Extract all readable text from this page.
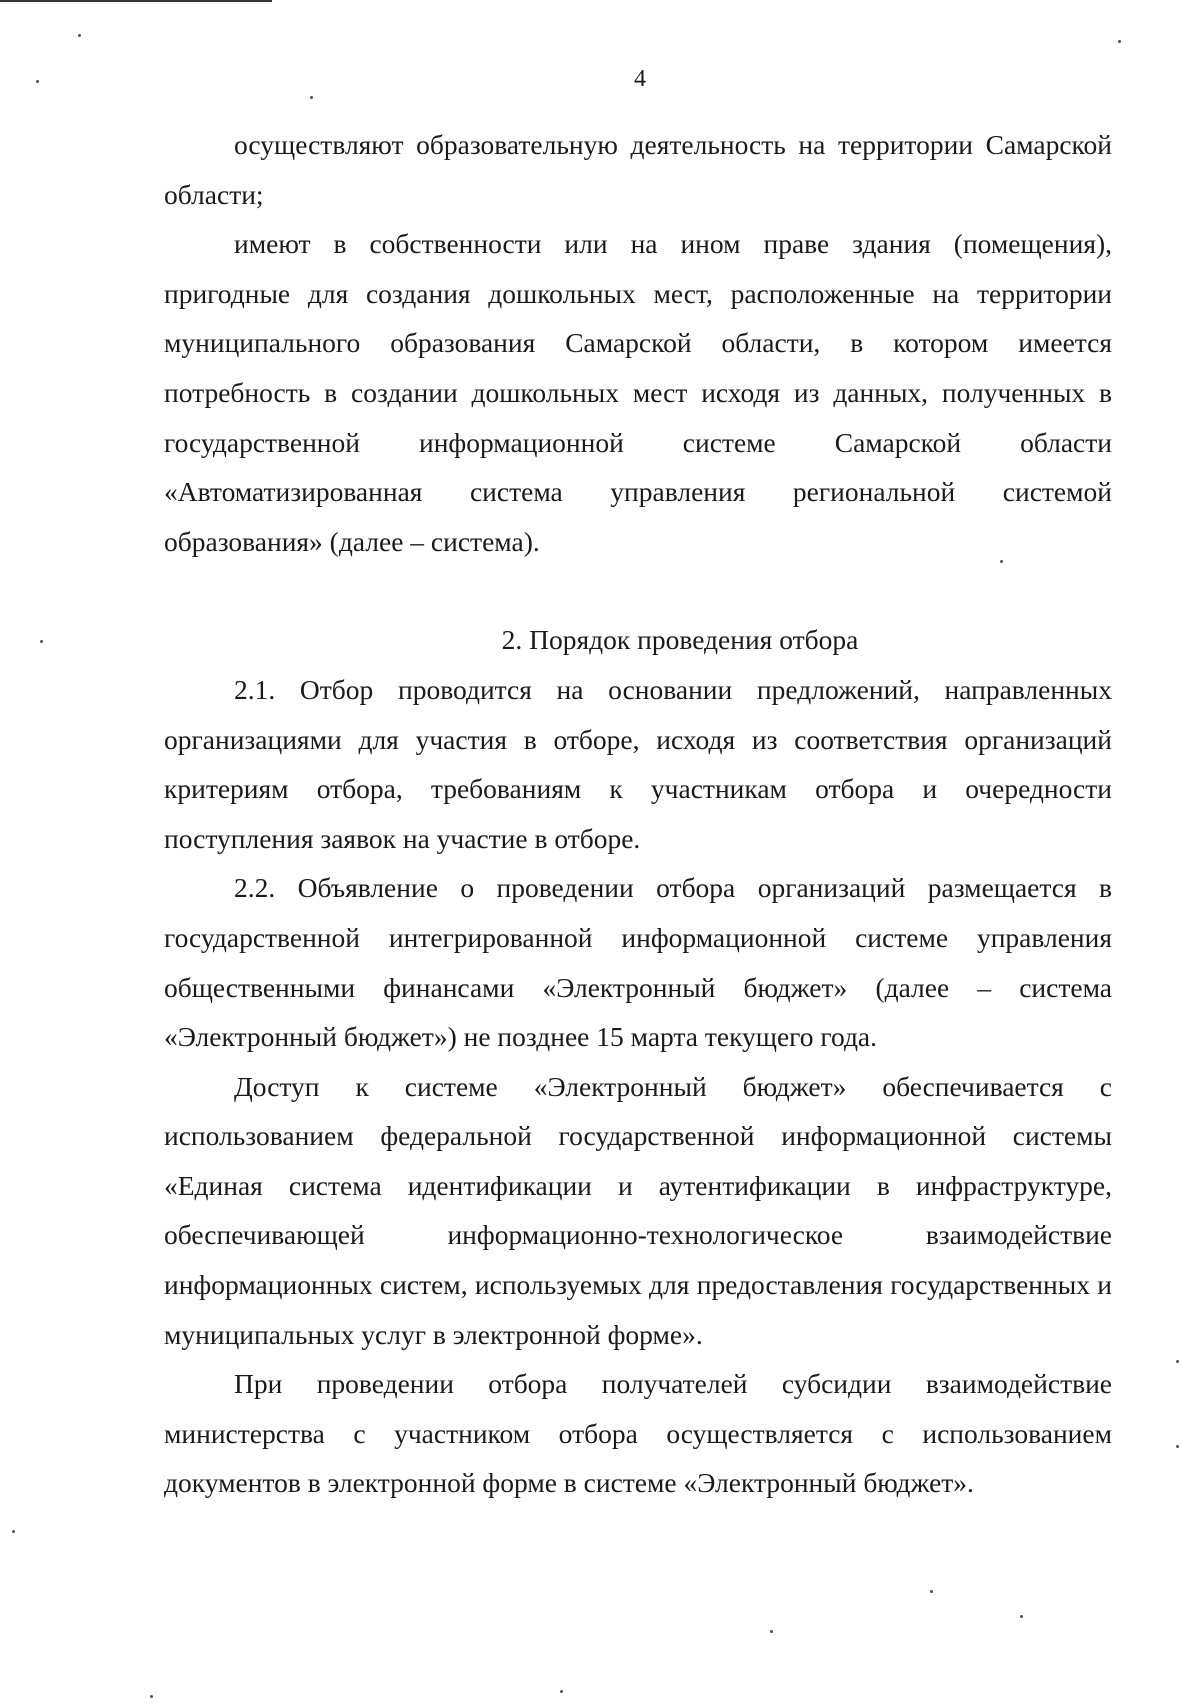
4

осуществляют образовательную деятельность на территории Самарской области;

имеют в собственности или на ином праве здания (помещения), пригодные для создания дошкольных мест, расположенные на территории муниципального образования Самарской области, в котором имеется потребность в создании дошкольных мест исходя из данных, полученных в государственной информационной системе Самарской области «Автоматизированная система управления региональной системой образования» (далее – система).

2. Порядок проведения отбора

2.1. Отбор проводится на основании предложений, направленных организациями для участия в отборе, исходя из соответствия организаций критериям отбора, требованиям к участникам отбора и очередности поступления заявок на участие в отборе.

2.2. Объявление о проведении отбора организаций размещается в государственной интегрированной информационной системе управления общественными финансами «Электронный бюджет» (далее – система «Электронный бюджет») не позднее 15 марта текущего года.

Доступ к системе «Электронный бюджет» обеспечивается с использованием федеральной государственной информационной системы «Единая система идентификации и аутентификации в инфраструктуре, обеспечивающей информационно-технологическое взаимодействие информационных систем, используемых для предоставления государственных и муниципальных услуг в электронной форме».

При проведении отбора получателей субсидии взаимодействие министерства с участником отбора осуществляется с использованием документов в электронной форме в системе «Электронный бюджет».
